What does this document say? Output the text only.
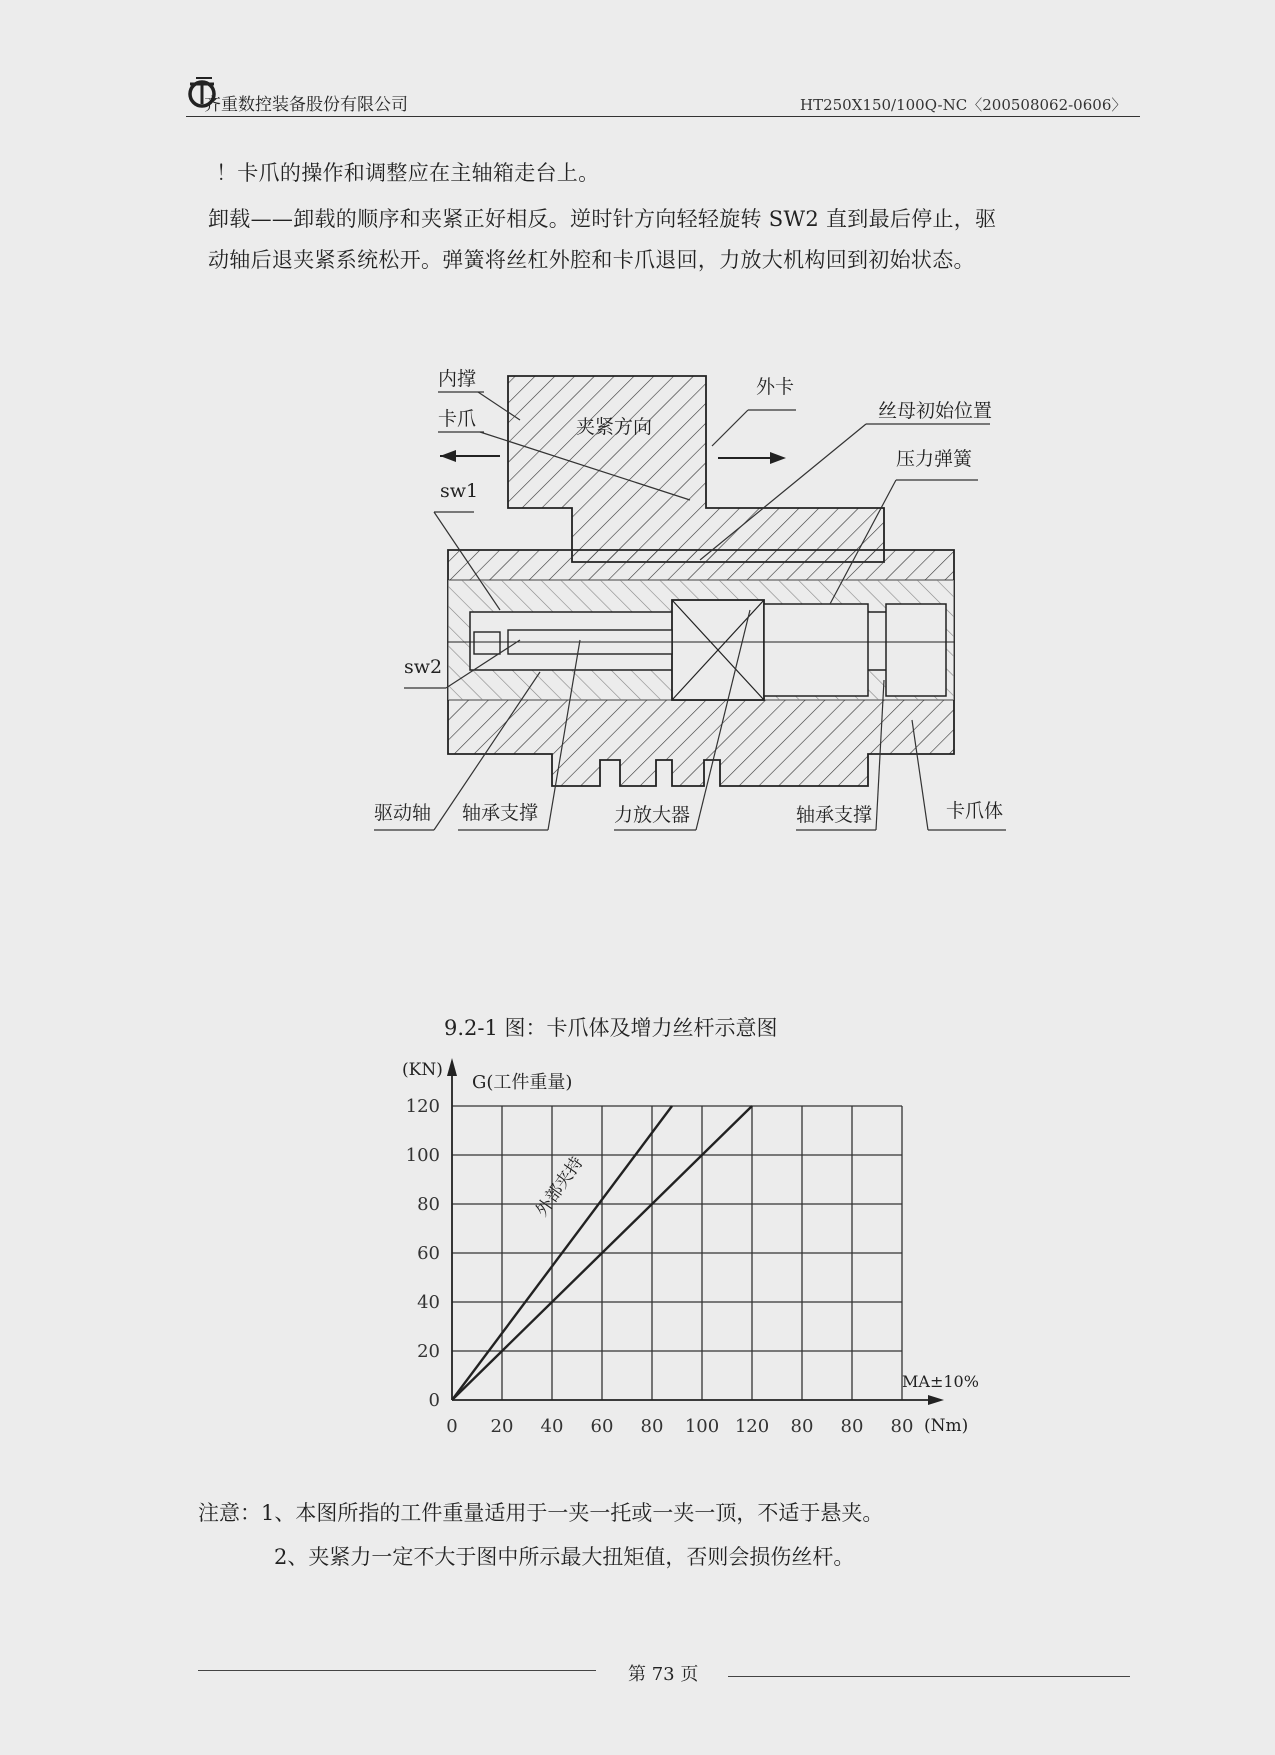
齐重数控装备股份有限公司	HT250X150/100Q-NC〈200508062-0606〉
！卡爪的操作和调整应在主轴箱走台上。
卸载——卸载的顺序和夹紧正好相反。逆时针方向轻轻旋转 SW2 直到最后停止，驱
动轴后退夹紧系统松开。弹簧将丝杠外腔和卡爪退回，力放大机构回到初始状态。
内撑
卡爪	夹紧方向
外卡
丝母初始位置
压力弹簧
sw1
sw2
驱动轴 轴承支撑	力放大器	轴承支撑	卡爪体
9.2-1 图：卡爪体及增力丝杆示意图
0
20
40
60
80
100
120
0 20 40 60 80 100 120 80 80 80
(KN)
G(工件重量)
MA±10%
(Nm)
外部夹持
注意：1、本图所指的工件重量适用于一夹一托或一夹一顶，不适于悬夹。
2、夹紧力一定不大于图中所示最大扭矩值，否则会损伤丝杆。
第 73 页
